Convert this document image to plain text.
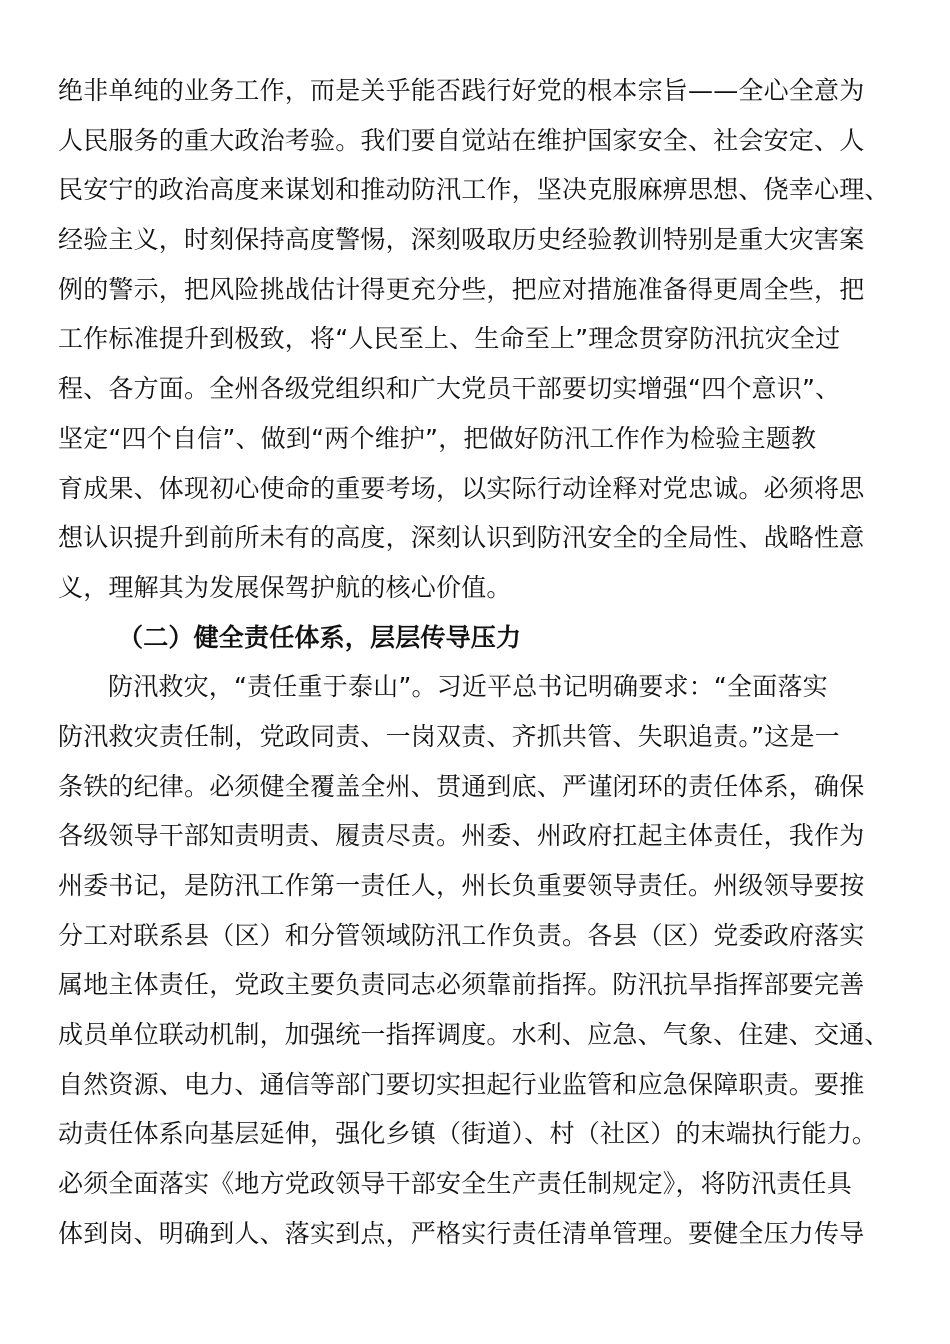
绝非单纯的业务工作，而是关乎能否践行好党的根本宗旨——全心全意为
人民服务的重大政治考验。我们要自觉站在维护国家安全、社会安定、人
民安宁的政治高度来谋划和推动防汛工作，坚决克服麻痹思想、侥幸心理、
经验主义，时刻保持高度警惕，深刻吸取历史经验教训特别是重大灾害案
例的警示，把风险挑战估计得更充分些，把应对措施准备得更周全些，把
工作标准提升到极致，将“人民至上、生命至上”理念贯穿防汛抗灾全过
程、各方面。全州各级党组织和广大党员干部要切实增强“四个意识”、
坚定“四个自信”、做到“两个维护”，把做好防汛工作作为检验主题教
育成果、体现初心使命的重要考场，以实际行动诠释对党忠诚。必须将思
想认识提升到前所未有的高度，深刻认识到防汛安全的全局性、战略性意
义，理解其为发展保驾护航的核心价值。
（二）健全责任体系，层层传导压力
防汛救灾，“责任重于泰山”。习近平总书记明确要求：“全面落实
防汛救灾责任制，党政同责、一岗双责、齐抓共管、失职追责。”这是一
条铁的纪律。必须健全覆盖全州、贯通到底、严谨闭环的责任体系，确保
各级领导干部知责明责、履责尽责。州委、州政府扛起主体责任，我作为
州委书记，是防汛工作第一责任人，州长负重要领导责任。州级领导要按
分工对联系县（区）和分管领域防汛工作负责。各县（区）党委政府落实
属地主体责任，党政主要负责同志必须靠前指挥。防汛抗旱指挥部要完善
成员单位联动机制，加强统一指挥调度。水利、应急、气象、住建、交通、
自然资源、电力、通信等部门要切实担起行业监管和应急保障职责。要推
动责任体系向基层延伸，强化乡镇（街道）、村（社区）的末端执行能力。
必须全面落实《地方党政领导干部安全生产责任制规定》，将防汛责任具
体到岗、明确到人、落实到点，严格实行责任清单管理。要健全压力传导
